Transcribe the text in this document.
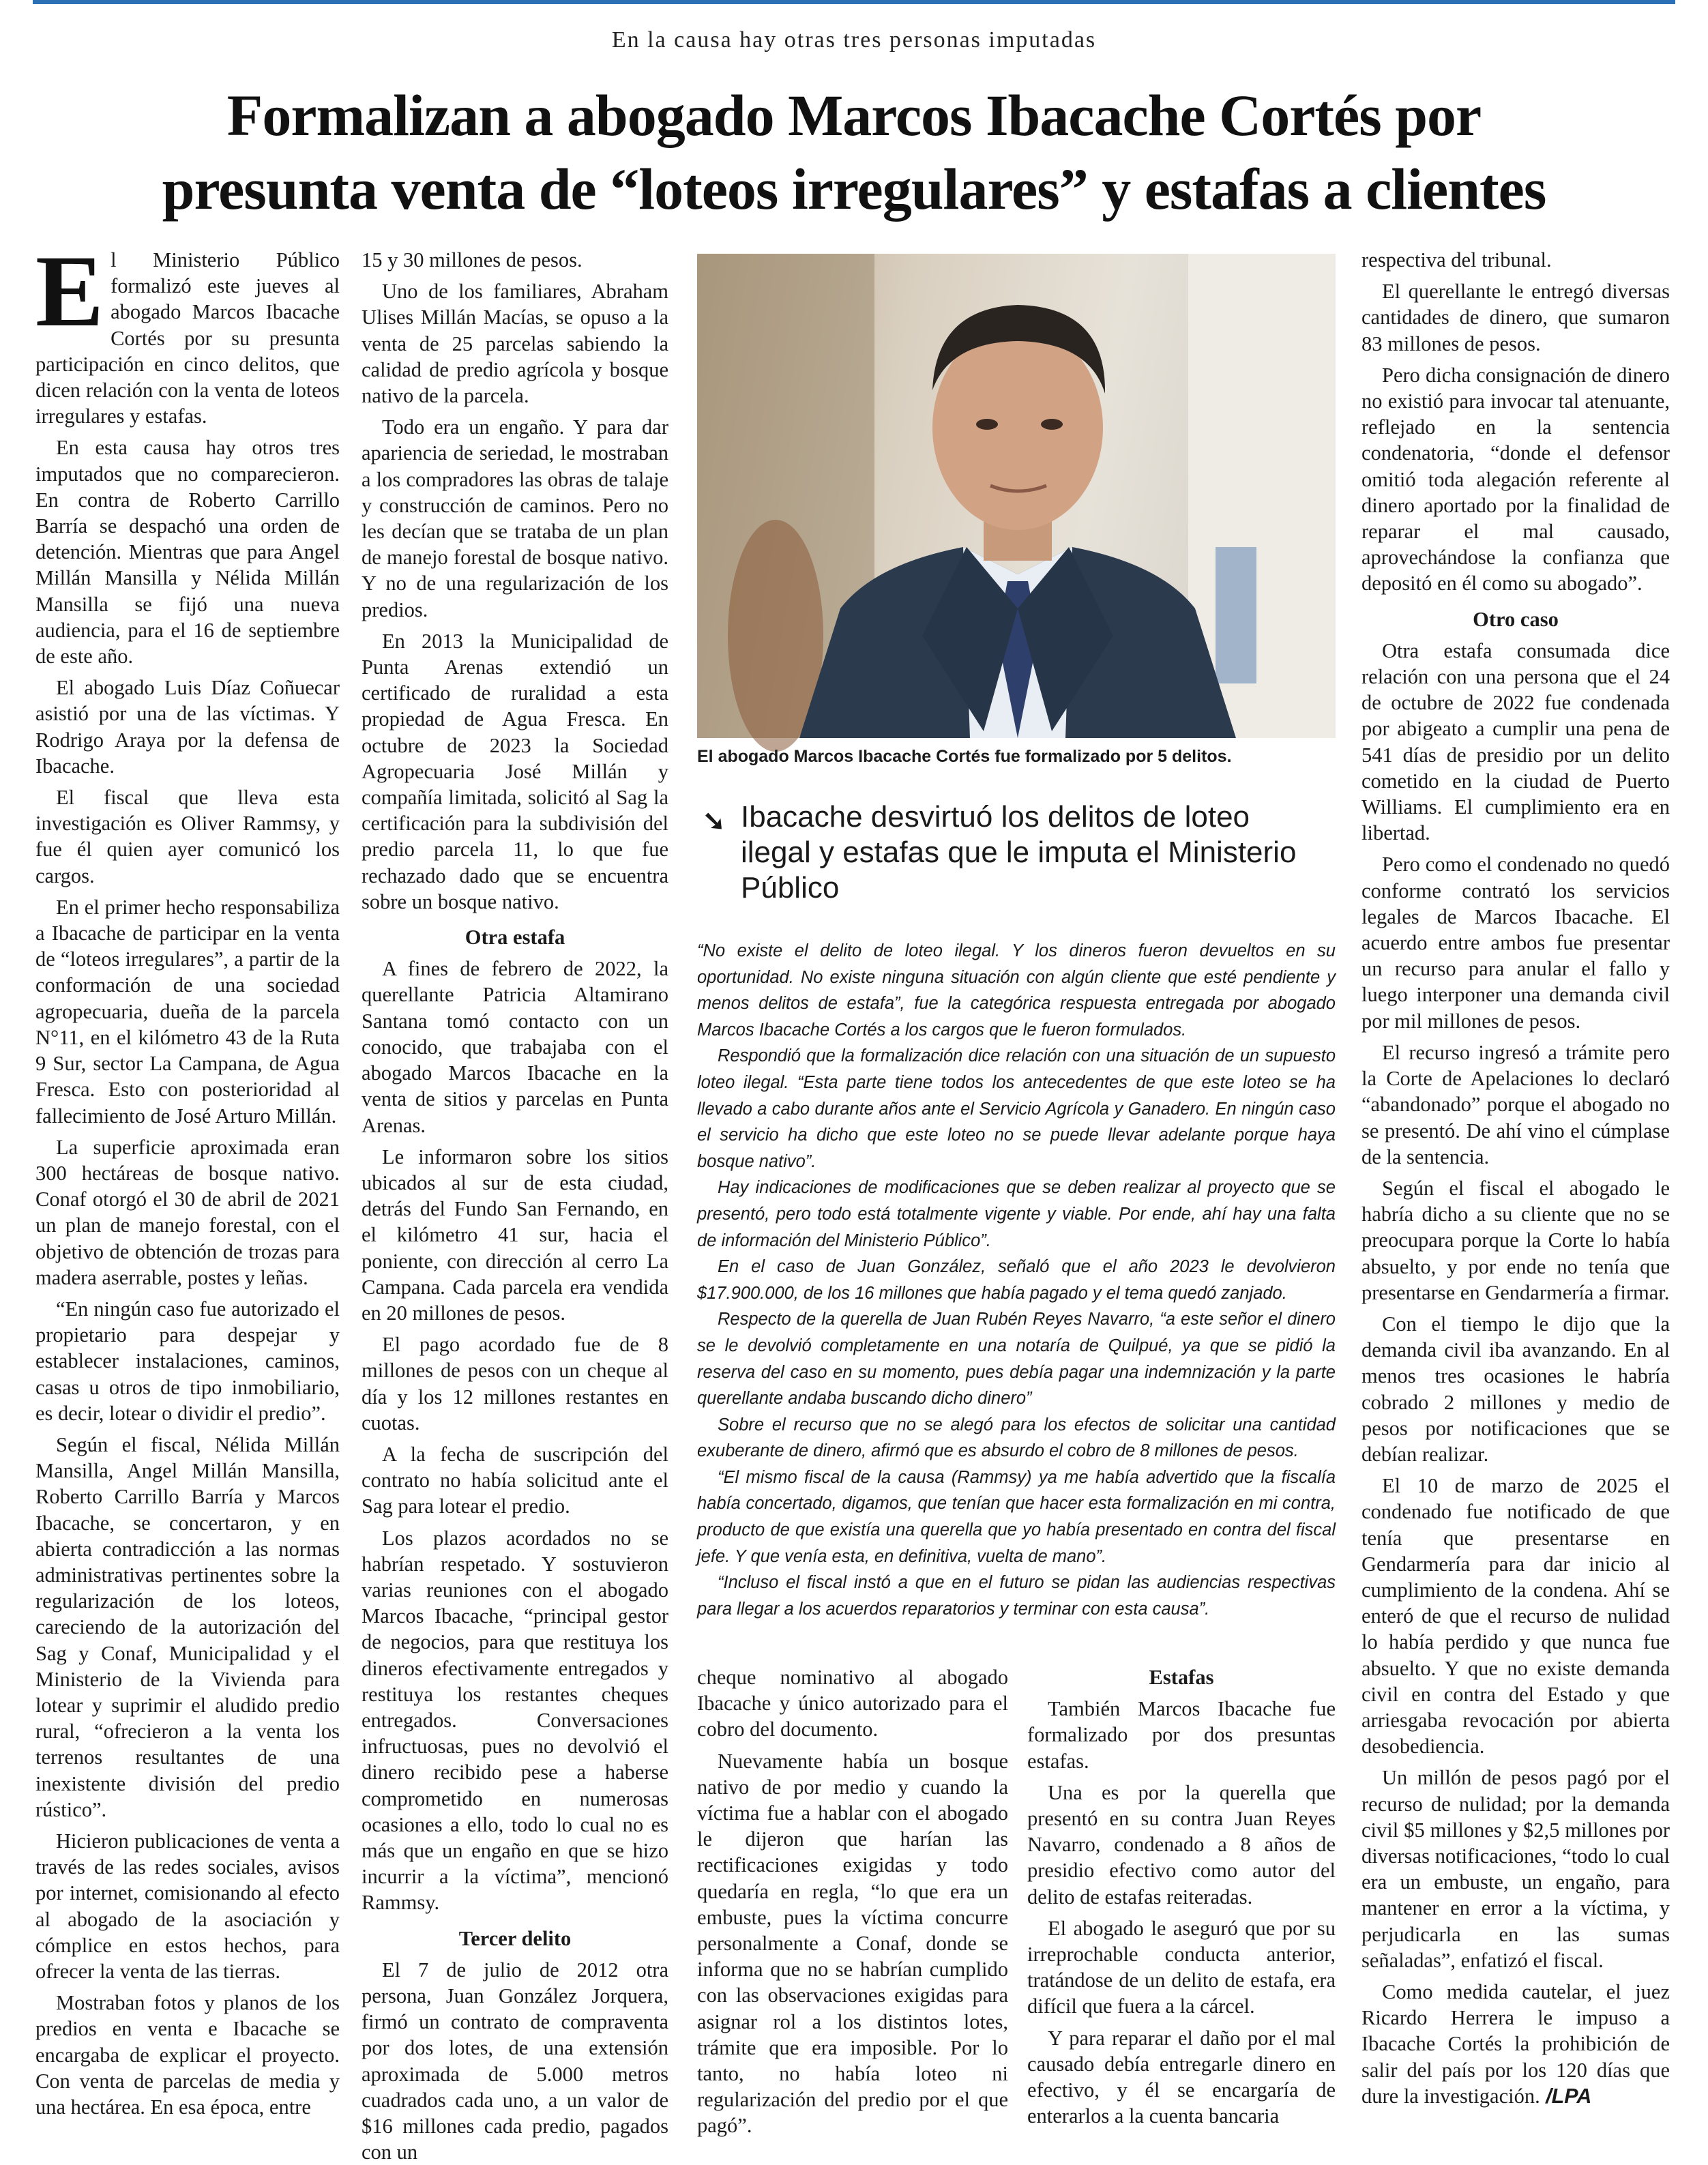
En la causa hay otras tres personas imputadas
Formalizan a abogado Marcos Ibacache Cortés por
presunta venta de “loteos irregulares” y estafas a clientes

El Ministerio Público formalizó este jueves al abogado Marcos Ibacache Cortés por su presunta participación en cinco delitos, que dicen relación con la venta de loteos irregulares y estafas.

En esta causa hay otros tres imputados que no comparecieron. En contra de Roberto Carrillo Barría se despachó una orden de detención. Mientras que para Angel Millán Mansilla y Nélida Millán Mansilla se fijó una nueva audiencia, para el 16 de septiembre de este año.

El abogado Luis Díaz Coñuecar asistió por una de las víctimas. Y Rodrigo Araya por la defensa de Ibacache.

El fiscal que lleva esta investigación es Oliver Rammsy, y fue él quien ayer comunicó los cargos.

En el primer hecho responsabiliza a Ibacache de participar en la venta de “loteos irregulares”, a partir de la conformación de una sociedad agropecuaria, dueña de la parcela N°11, en el kilómetro 43 de la Ruta 9 Sur, sector La Campana, de Agua Fresca. Esto con posterioridad al fallecimiento de José Arturo Millán.

La superficie aproximada eran 300 hectáreas de bosque nativo. Conaf otorgó el 30 de abril de 2021 un plan de manejo forestal, con el objetivo de obtención de trozas para madera aserrable, postes y leñas.

“En ningún caso fue autorizado el propietario para despejar y establecer instalaciones, caminos, casas u otros de tipo inmobiliario, es decir, lotear o dividir el predio”.

Según el fiscal, Nélida Millán Mansilla, Angel Millán Mansilla, Roberto Carrillo Barría y Marcos Ibacache, se concertaron, y en abierta contradicción a las normas administrativas pertinentes sobre la regularización de los loteos, careciendo de la autorización del Sag y Conaf, Municipalidad y el Ministerio de la Vivienda para lotear y suprimir el aludido predio rural, “ofrecieron a la venta los terrenos resultantes de una inexistente división del predio rústico”.

Hicieron publicaciones de venta a través de las redes sociales, avisos por internet, comisionando al efecto al abogado de la asociación y cómplice en estos hechos, para ofrecer la venta de las tierras.

Mostraban fotos y planos de los predios en venta e Ibacache se encargaba de explicar el proyecto. Con venta de parcelas de media y una hectárea. En esa época, entre

15 y 30 millones de pesos.

Uno de los familiares, Abraham Ulises Millán Macías, se opuso a la venta de 25 parcelas sabiendo la calidad de predio agrícola y bosque nativo de la parcela.

Todo era un engaño. Y para dar apariencia de seriedad, le mostraban a los compradores las obras de talaje y construcción de caminos. Pero no les decían que se trataba de un plan de manejo forestal de bosque nativo. Y no de una regularización de los predios.

En 2013 la Municipalidad de Punta Arenas extendió un certificado de ruralidad a esta propiedad de Agua Fresca. En octubre de 2023 la Sociedad Agropecuaria José Millán y compañía limitada, solicitó al Sag la certificación para la subdivisión del predio parcela 11, lo que fue rechazado dado que se encuentra sobre un bosque nativo.

Otra estafa

A fines de febrero de 2022, la querellante Patricia Altamirano Santana tomó contacto con un conocido, que trabajaba con el abogado Marcos Ibacache en la venta de sitios y parcelas en Punta Arenas.

Le informaron sobre los sitios ubicados al sur de esta ciudad, detrás del Fundo San Fernando, en el kilómetro 41 sur, hacia el poniente, con dirección al cerro La Campana. Cada parcela era vendida en 20 millones de pesos.

El pago acordado fue de 8 millones de pesos con un cheque al día y los 12 millones restantes en cuotas.

A la fecha de suscripción del contrato no había solicitud ante el Sag para lotear el predio.

Los plazos acordados no se habrían respetado. Y sostuvieron varias reuniones con el abogado Marcos Ibacache, “principal gestor de negocios, para que restituya los dineros efectivamente entregados y restituya los restantes cheques entregados. Conversaciones infructuosas, pues no devolvió el dinero recibido pese a haberse comprometido en numerosas ocasiones a ello, todo lo cual no es más que un engaño en que se hizo incurrir a la víctima”, mencionó Rammsy.

Tercer delito

El 7 de julio de 2012 otra persona, Juan González Jorquera, firmó un contrato de compraventa por dos lotes, de una extensión aproximada de 5.000 metros cuadrados cada uno, a un valor de $16 millones cada predio, pagados con un

El abogado Marcos Ibacache Cortés fue formalizado por 5 delitos.
➘ Ibacache desvirtuó los delitos de loteo ilegal y estafas que le imputa el Ministerio Público

“No existe el delito de loteo ilegal. Y los dineros fueron devueltos en su oportunidad. No existe ninguna situación con algún cliente que esté pendiente y menos delitos de estafa”, fue la categórica respuesta entregada por abogado Marcos Ibacache Cortés a los cargos que le fueron formulados.

Respondió que la formalización dice relación con una situación de un supuesto loteo ilegal. “Esta parte tiene todos los antecedentes de que este loteo se ha llevado a cabo durante años ante el Servicio Agrícola y Ganadero. En ningún caso el servicio ha dicho que este loteo no se puede llevar adelante porque haya bosque nativo”.

Hay indicaciones de modificaciones que se deben realizar al proyecto que se presentó, pero todo está totalmente vigente y viable. Por ende, ahí hay una falta de información del Ministerio Público”.

En el caso de Juan González, señaló que el año 2023 le devolvieron $17.900.000, de los 16 millones que había pagado y el tema quedó zanjado.

Respecto de la querella de Juan Rubén Reyes Navarro, “a este señor el dinero se le devolvió completamente en una notaría de Quilpué, ya que se pidió la reserva del caso en su momento, pues debía pagar una indemnización y la parte querellante andaba buscando dicho dinero”

Sobre el recurso que no se alegó para los efectos de solicitar una cantidad exuberante de dinero, afirmó que es absurdo el cobro de 8 millones de pesos.

“El mismo fiscal de la causa (Rammsy) ya me había advertido que la fiscalía había concertado, digamos, que tenían que hacer esta formalización en mi contra, producto de que existía una querella que yo había presentado en contra del fiscal jefe. Y que venía esta, en definitiva, vuelta de mano”.

“Incluso el fiscal instó a que en el futuro se pidan las audiencias respectivas para llegar a los acuerdos reparatorios y terminar con esta causa”.

cheque nominativo al abogado Ibacache y único autorizado para el cobro del documento.

Nuevamente había un bosque nativo de por medio y cuando la víctima fue a hablar con el abogado le dijeron que harían las rectificaciones exigidas y todo quedaría en regla, “lo que era un embuste, pues la víctima concurre personalmente a Conaf, donde se informa que no se habrían cumplido con las observaciones exigidas para asignar rol a los distintos lotes, trámite que era imposible. Por lo tanto, no había loteo ni regularización del predio por el que pagó”.

Estafas

También Marcos Ibacache fue formalizado por dos presuntas estafas.

Una es por la querella que presentó en su contra Juan Reyes Navarro, condenado a 8 años de presidio efectivo como autor del delito de estafas reiteradas.

El abogado le aseguró que por su irreprochable conducta anterior, tratándose de un delito de estafa, era difícil que fuera a la cárcel.

Y para reparar el daño por el mal causado debía entregarle dinero en efectivo, y él se encargaría de enterarlos a la cuenta bancaria

respectiva del tribunal.

El querellante le entregó diversas cantidades de dinero, que sumaron 83 millones de pesos.

Pero dicha consignación de dinero no existió para invocar tal atenuante, reflejado en la sentencia condenatoria, “donde el defensor omitió toda alegación referente al dinero aportado por la finalidad de reparar el mal causado, aprovechándose la confianza que depositó en él como su abogado”.

Otro caso

Otra estafa consumada dice relación con una persona que el 24 de octubre de 2022 fue condenada por abigeato a cumplir una pena de 541 días de presidio por un delito cometido en la ciudad de Puerto Williams. El cumplimiento era en libertad.

Pero como el condenado no quedó conforme contrató los servicios legales de Marcos Ibacache. El acuerdo entre ambos fue presentar un recurso para anular el fallo y luego interponer una demanda civil por mil millones de pesos.

El recurso ingresó a trámite pero la Corte de Apelaciones lo declaró “abandonado” porque el abogado no se presentó. De ahí vino el cúmplase de la sentencia.

Según el fiscal el abogado le habría dicho a su cliente que no se preocupara porque la Corte lo había absuelto, y por ende no tenía que presentarse en Gendarmería a firmar.

Con el tiempo le dijo que la demanda civil iba avanzando. En al menos tres ocasiones le habría cobrado 2 millones y medio de pesos por notificaciones que se debían realizar.

El 10 de marzo de 2025 el condenado fue notificado de que tenía que presentarse en Gendarmería para dar inicio al cumplimiento de la condena. Ahí se enteró de que el recurso de nulidad lo había perdido y que nunca fue absuelto. Y que no existe demanda civil en contra del Estado y que arriesgaba revocación por abierta desobediencia.

Un millón de pesos pagó por el recurso de nulidad; por la demanda civil $5 millones y $2,5 millones por diversas notificaciones, “todo lo cual era un embuste, un engaño, para mantener en error a la víctima, y perjudicarla en las sumas señaladas”, enfatizó el fiscal.

Como medida cautelar, el juez Ricardo Herrera le impuso a Ibacache Cortés la prohibición de salir del país por los 120 días que dure la investigación. /LPA
